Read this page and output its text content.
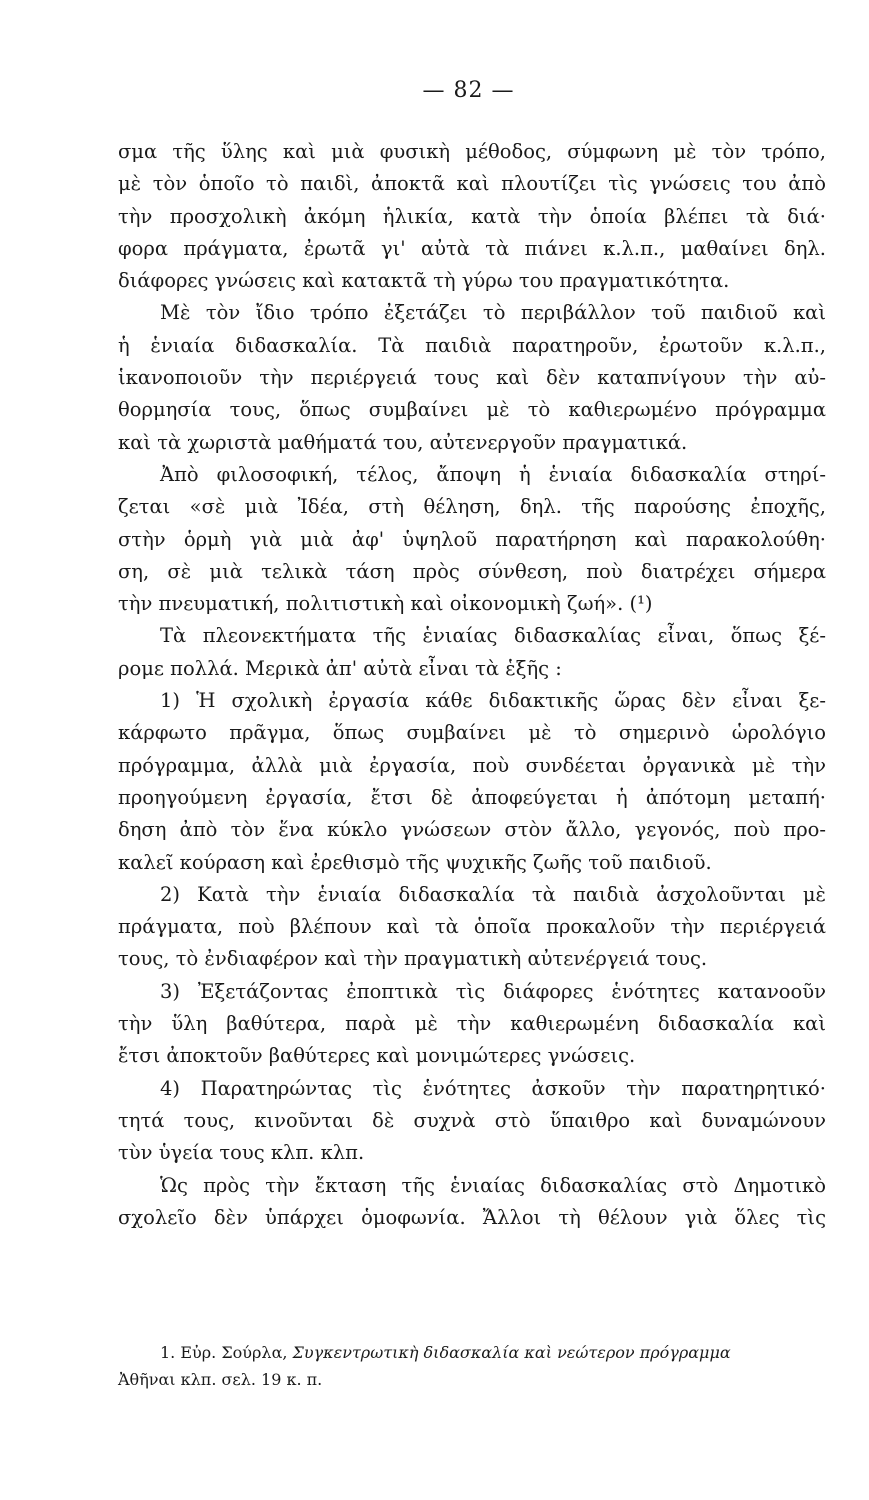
— 82 —
σμα τῆς ὕλης καὶ μιὰ φυσικὴ μέθοδος, σύμφωνη μὲ τὸν τρόπο,
μὲ τὸν ὁποῖο τὸ παιδὶ, ἀποκτᾶ καὶ πλουτίζει τὶς γνώσεις του ἀπὸ
τὴν προσχολικὴ ἀκόμη ἡλικία, κατὰ τὴν ὁποία βλέπει τὰ διά·
φορα πράγματα, ἐρωτᾶ γι' αὐτὰ τὰ πιάνει κ.λ.π., μαθαίνει δηλ.
διάφορες γνώσεις καὶ κατακτᾶ τὴ γύρω του πραγματικότητα.
Μὲ τὸν ἴδιο τρόπο ἐξετάζει τὸ περιβάλλον τοῦ παιδιοῦ καὶ
ἡ ἑνιαία διδασκαλία. Τὰ παιδιὰ παρατηροῦν, ἐρωτοῦν κ.λ.π.,
ἱκανοποιοῦν τὴν περιέργειά τους καὶ δὲν καταπνίγουν τὴν αὐ-
θορμησία τους, ὅπως συμβαίνει μὲ τὸ καθιερωμένο πρόγραμμα
καὶ τὰ χωριστὰ μαθήματά του, αὐτενεργοῦν πραγματικά.
Ἀπὸ φιλοσοφική, τέλος, ἄποψη ἡ ἑνιαία διδασκαλία στηρί-
ζεται «σὲ μιὰ Ἰδέα, στὴ θέληση, δηλ. τῆς παρούσης ἐποχῆς,
στὴν ὁρμὴ γιὰ μιὰ ἀφ' ὑψηλοῦ παρατήρηση καὶ παρακολούθη·
ση, σὲ μιὰ τελικὰ τάση πρὸς σύνθεση, ποὺ διατρέχει σήμερα
τὴν πνευματική, πολιτιστικὴ καὶ οἰκονομικὴ ζωή». (¹)
Τὰ πλεονεκτήματα τῆς ἑνιαίας διδασκαλίας εἶναι, ὅπως ξέ-
ρομε πολλά. Μερικὰ ἀπ' αὐτὰ εἶναι τὰ ἑξῆς :
1) Ἡ σχολικὴ ἐργασία κάθε διδακτικῆς ὥρας δὲν εἶναι ξε-
κάρφωτο πρᾶγμα, ὅπως συμβαίνει μὲ τὸ σημερινὸ ὡρολόγιο
πρόγραμμα, ἀλλὰ μιὰ ἐργασία, ποὺ συνδέεται ὀργανικὰ μὲ τὴν
προηγούμενη ἐργασία, ἔτσι δὲ ἀποφεύγεται ἡ ἀπότομη μεταπή·
δηση ἀπὸ τὸν ἕνα κύκλο γνώσεων στὸν ἄλλο, γεγονός, ποὺ προ-
καλεῖ κούραση καὶ ἐρεθισμὸ τῆς ψυχικῆς ζωῆς τοῦ παιδιοῦ.
2) Κατὰ τὴν ἑνιαία διδασκαλία τὰ παιδιὰ ἀσχολοῦνται μὲ
πράγματα, ποὺ βλέπουν καὶ τὰ ὁποῖα προκαλοῦν τὴν περιέργειά
τους, τὸ ἐνδιαφέρον καὶ τὴν πραγματικὴ αὐτενέργειά τους.
3) Ἐξετάζοντας ἐποπτικὰ τὶς διάφορες ἑνότητες κατανοοῦν
τὴν ὕλη βαθύτερα, παρὰ μὲ τὴν καθιερωμένη διδασκαλία καὶ
ἔτσι ἀποκτοῦν βαθύτερες καὶ μονιμώτερες γνώσεις.
4) Παρατηρώντας τὶς ἑνότητες ἀσκοῦν τὴν παρατηρητικό·
τητά τους, κινοῦνται δὲ συχνὰ στὸ ὕπαιθρο καὶ δυναμώνουν
τὺν ὑγεία τους κλπ. κλπ.
Ὡς πρὸς τὴν ἔκταση τῆς ἑνιαίας διδασκαλίας στὸ Δημοτικὸ
σχολεῖο δὲν ὑπάρχει ὁμοφωνία. Ἄλλοι τὴ θέλουν γιὰ ὅλες τὶς
1. Εὐρ. Σούρλα, Συγκεντρωτικὴ διδασκαλία καὶ νεώτερον πρόγραμμα
Ἀθῆναι κλπ. σελ. 19 κ. π.
